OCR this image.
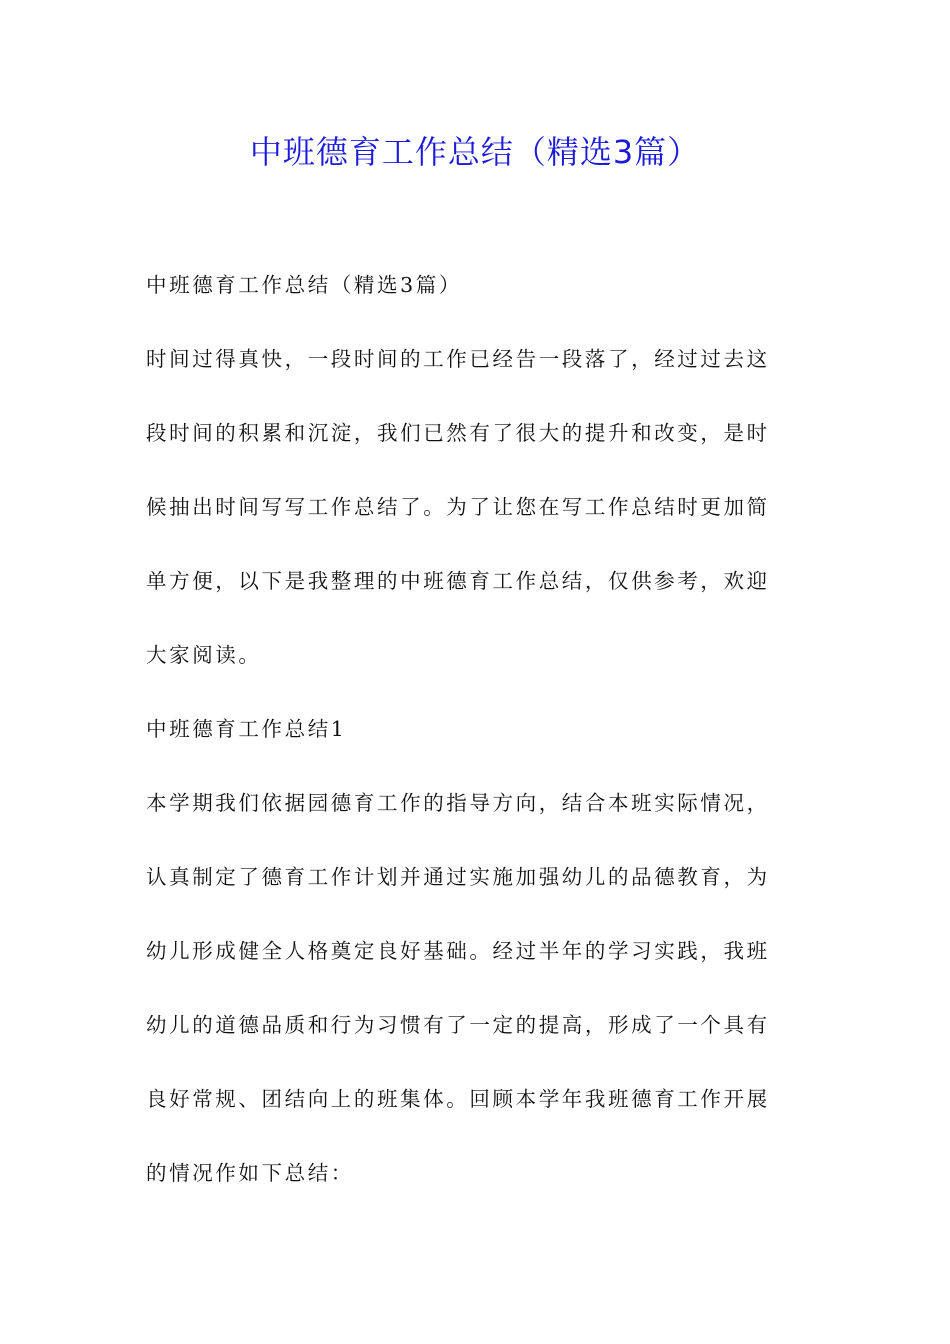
中班德育工作总结（精选3篇）

中班德育工作总结（精选3篇）

时间过得真快，一段时间的工作已经告一段落了，经过过去这

段时间的积累和沉淀，我们已然有了很大的提升和改变，是时

候抽出时间写写工作总结了。为了让您在写工作总结时更加简

单方便，以下是我整理的中班德育工作总结，仅供参考，欢迎

大家阅读。

中班德育工作总结1

本学期我们依据园德育工作的指导方向，结合本班实际情况，

认真制定了德育工作计划并通过实施加强幼儿的品德教育，为

幼儿形成健全人格奠定良好基础。经过半年的学习实践，我班

幼儿的道德品质和行为习惯有了一定的提高，形成了一个具有

良好常规、团结向上的班集体。回顾本学年我班德育工作开展

的情况作如下总结：
